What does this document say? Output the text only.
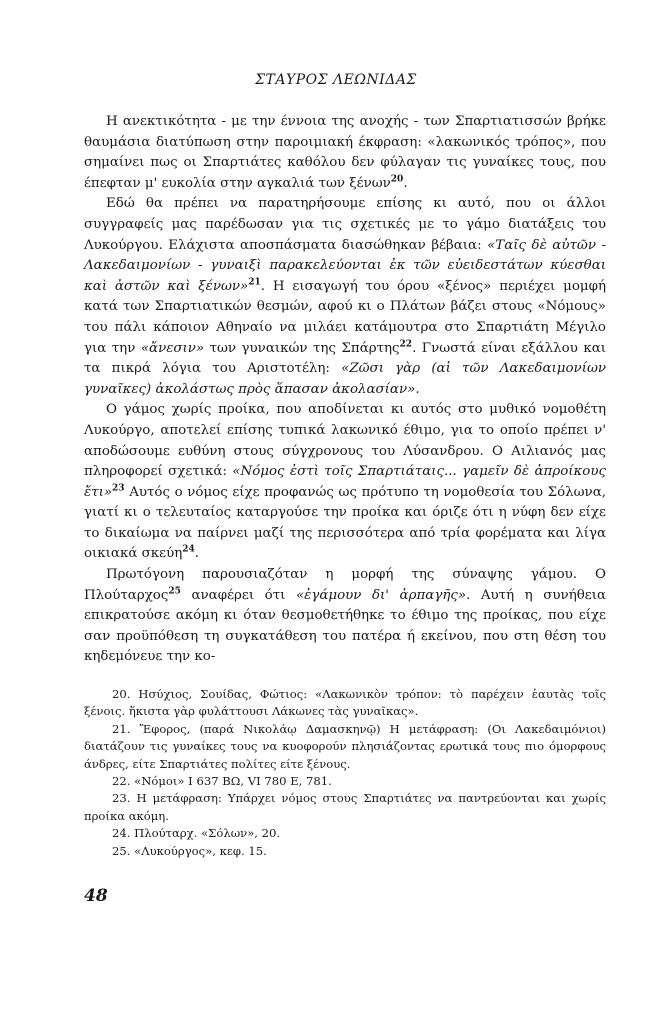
ΣΤΑΥΡΟΣ ΛΕΩΝΙΔΑΣ

Η ανεκτικότητα - με την έννοια της ανοχής - των Σπαρτιατισσών βρήκε θαυμάσια διατύπωση στην παροιμιακή έκφραση: «λακωνικός τρόπος», που σημαίνει πως οι Σπαρτιάτες καθόλου δεν φύλαγαν τις γυναίκες τους, που έπεφταν μ' ευκολία στην αγκαλιά των ξένων$^{20}$.

Εδώ θα πρέπει να παρατηρήσουμε επίσης κι αυτό, που οι άλλοι συγγραφείς μας παρέδωσαν για τις σχετικές με το γάμο διατάξεις του Λυκούργου. Ελάχιστα αποσπάσματα διασώθηκαν βέβαια: «Ταῖς δὲ αὐτῶν - Λακεδαιμονίων - γυναιξὶ παρακελεύονται ἐκ τῶν εὐειδεστάτων κύεσθαι καὶ ἀστῶν καὶ ξένων»$^{21}$. Η εισαγωγή του όρου «ξένος» περιέχει μομφή κατά των Σπαρτιατικών θεσμών, αφού κι ο Πλάτων βάζει στους «Νόμους» του πάλι κάποιον Αθηναίο να μιλάει κατάμουτρα στο Σπαρτιάτη Μέγιλο για την «ἄνεσιν» των γυναικών της Σπάρτης$^{22}$. Γνωστά είναι εξάλλου και τα πικρά λόγια του Αριστοτέλη: «Ζῶσι γὰρ (αἱ τῶν Λακεδαιμονίων γυναῖκες) ἀκολάστως πρὸς ἅπασαν ἀκολασίαν».

Ο γάμος χωρίς προίκα, που αποδίνεται κι αυτός στο μυθικό νομοθέτη Λυκούργο, αποτελεί επίσης τυπικά λακωνικό έθιμο, για το οποίο πρέπει ν' αποδώσουμε ευθύνη στους σύγχρονους του Λύσανδρου. Ο Αιλιανός μας πληροφορεί σχετικά: «Νόμος ἐστὶ τοῖς Σπαρτιάταις... γαμεῖν δὲ ἀπροίκους ἔτι»$^{23}$ Αυτός ο νόμος είχε προφανώς ως πρότυπο τη νομοθεσία του Σόλωνα, γιατί κι ο τελευταίος καταργούσε την προίκα και όριζε ότι η νύφη δεν είχε το δικαίωμα να παίρνει μαζί της περισσότερα από τρία φορέματα και λίγα οικιακά σκεύη$^{24}$.

Πρωτόγονη παρουσιαζόταν η μορφή της σύναψης γάμου. Ο Πλούταρχος$^{25}$ αναφέρει ότι «ἐγάμουν δι' ἁρπαγῆς». Αυτή η συνήθεια επικρατούσε ακόμη κι όταν θεσμοθετήθηκε το έθιμο της προίκας, που είχε σαν προϋπόθεση τη συγκατάθεση του πατέρα ή εκείνου, που στη θέση του κηδεμόνευε την κο-

20. Ησύχιος, Σουίδας, Φώτιος: «Λακωνικὸν τρόπον: τὸ παρέχειν ἑαυτὰς τοῖς ξένοις. ἥκιστα γὰρ φυλάττουσι Λάκωνες τὰς γυναῖκας».

21. Ἔφορος, (παρά Νικολάῳ Δαμασκηνῷ) Η μετάφραση: (Οι Λακεδαιμόνιοι) διατάζουν τις γυναίκες τους να κυοφορούν πλησιάζοντας ερωτικά τους πιο όμορφους άνδρες, είτε Σπαρτιάτες πολίτες είτε ξένους.

22. «Νόμοι» Ι 637 ΒΩ, VI 780 Ε, 781.

23. Η μετάφραση: Υπάρχει νόμος στους Σπαρτιάτες να παντρεύονται και χωρίς προίκα ακόμη.

24. Πλούταρχ. «Σόλων», 20.

25. «Λυκούργος», κεφ. 15.

48
